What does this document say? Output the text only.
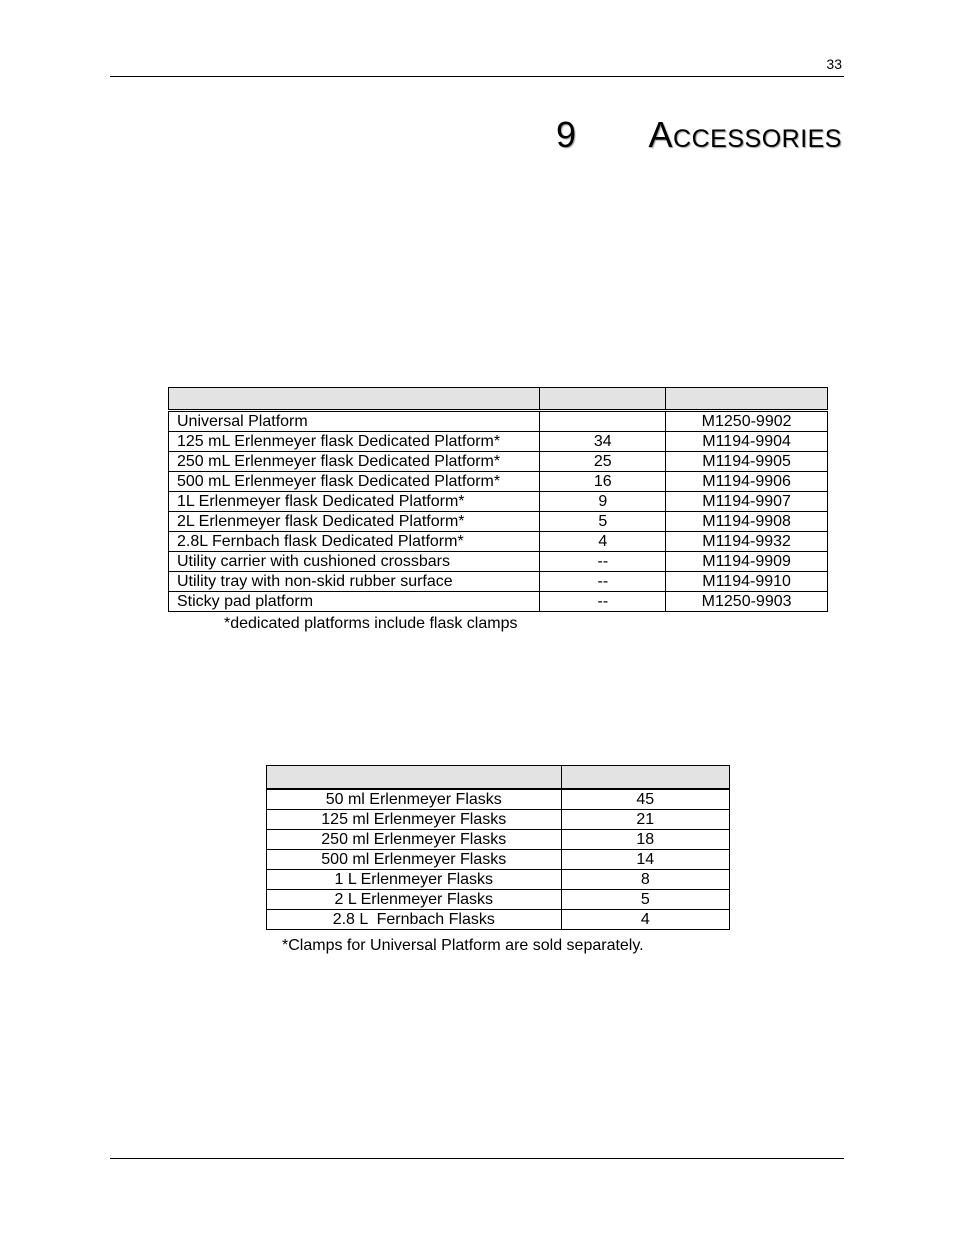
33
9 Accessories

Universal Platform		M1250-9902
125 mL Erlenmeyer flask Dedicated Platform*	34	M1194-9904
250 mL Erlenmeyer flask Dedicated Platform*	25	M1194-9905
500 mL Erlenmeyer flask Dedicated Platform*	16	M1194-9906
1L Erlenmeyer flask Dedicated Platform*	9	M1194-9907
2L Erlenmeyer flask Dedicated Platform*	5	M1194-9908
2.8L Fernbach flask Dedicated Platform*	4	M1194-9932
Utility carrier with cushioned crossbars	--	M1194-9909
Utility tray with non-skid rubber surface	--	M1194-9910
Sticky pad platform	--	M1250-9903
*dedicated platforms include flask clamps

50 ml Erlenmeyer Flasks	45
125 ml Erlenmeyer Flasks	21
250 ml Erlenmeyer Flasks	18
500 ml Erlenmeyer Flasks	14
1 L Erlenmeyer Flasks	8
2 L Erlenmeyer Flasks	5
2.8 L  Fernbach Flasks	4
*Clamps for Universal Platform are sold separately.
